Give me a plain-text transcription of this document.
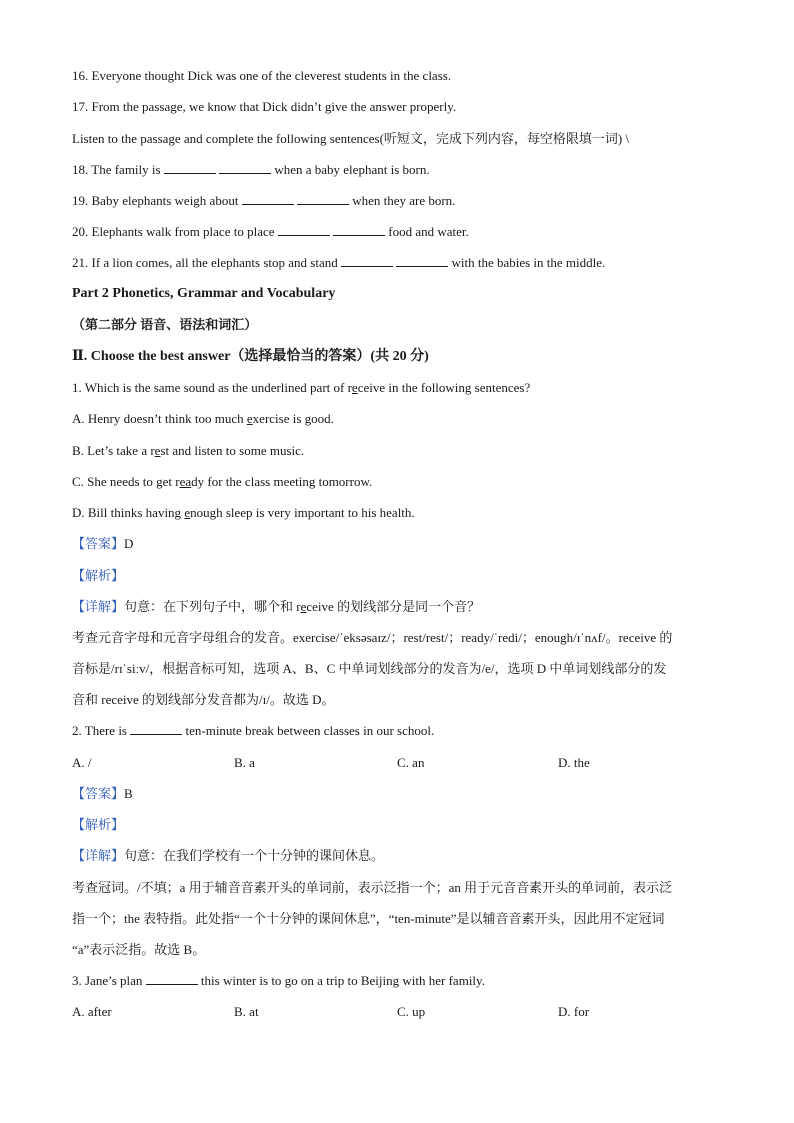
16. Everyone thought Dick was one of the cleverest students in the class.
17. From the passage, we know that Dick didn’t give the answer properly.
Listen to the passage and complete the following sentences(听短文，完成下列内容，每空格限填一词) \
18. The family is	when a baby elephant is born.
19. Baby elephants weigh about	when they are born.
20. Elephants walk from place to place	food and water.
21. If a lion comes, all the elephants stop and stand	with the babies in the middle.
Part 2 Phonetics, Grammar and Vocabulary
（第二部分 语音、语法和词汇）
Ⅱ. Choose the best answer（选择最恰当的答案）(共 20 分)
1. Which is the same sound as the underlined part of receive in the following sentences?
A. Henry doesn’t think too much exercise is good.
B. Let’s take a rest and listen to some music.
C. She needs to get ready for the class meeting tomorrow.
D. Bill thinks having enough sleep is very important to his health.
【答案】D
【解析】
【详解】句意：在下列句子中，哪个和 receive 的划线部分是同一个音？
考查元音字母和元音字母组合的发音。exercise/ˈeksəsaɪz/；rest/rest/；ready/ˈredi/；enough/ɪˈnʌf/。receive 的
音标是/rɪˈsiːv/，根据音标可知，选项 A、B、C 中单词划线部分的发音为/e/，选项 D 中单词划线部分的发
音和 receive 的划线部分发音都为/ɪ/。故选 D。
2. There is	ten-minute break between classes in our school.
A. /	B. a	C. an	D. the
【答案】B
【解析】
【详解】句意：在我们学校有一个十分钟的课间休息。
考查冠词。/不填；a 用于辅音音素开头的单词前，表示泛指一个；an 用于元音音素开头的单词前，表示泛
指一个；the 表特指。此处指“一个十分钟的课间休息”，“ten-minute”是以辅音音素开头，因此用不定冠词
“a”表示泛指。故选 B。
3. Jane’s plan	this winter is to go on a trip to Beijing with her family.
A. after	B. at	C. up	D. for
